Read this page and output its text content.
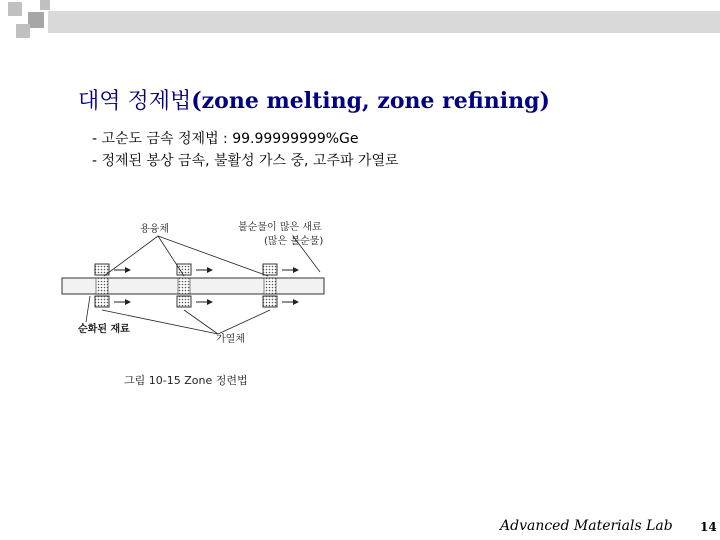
대역 정제법(zone melting, zone refining)
- 고순도 금속 정제법 : 99.99999999%Ge
- 정제된 봉상 금속, 불활성 가스 중, 고주파 가열로
용융체	불순물이 많은 새료
(많은 불순물)
순화된 재료
가열체
그림 10-15 Zone 정련법
Advanced Materials Lab 14
